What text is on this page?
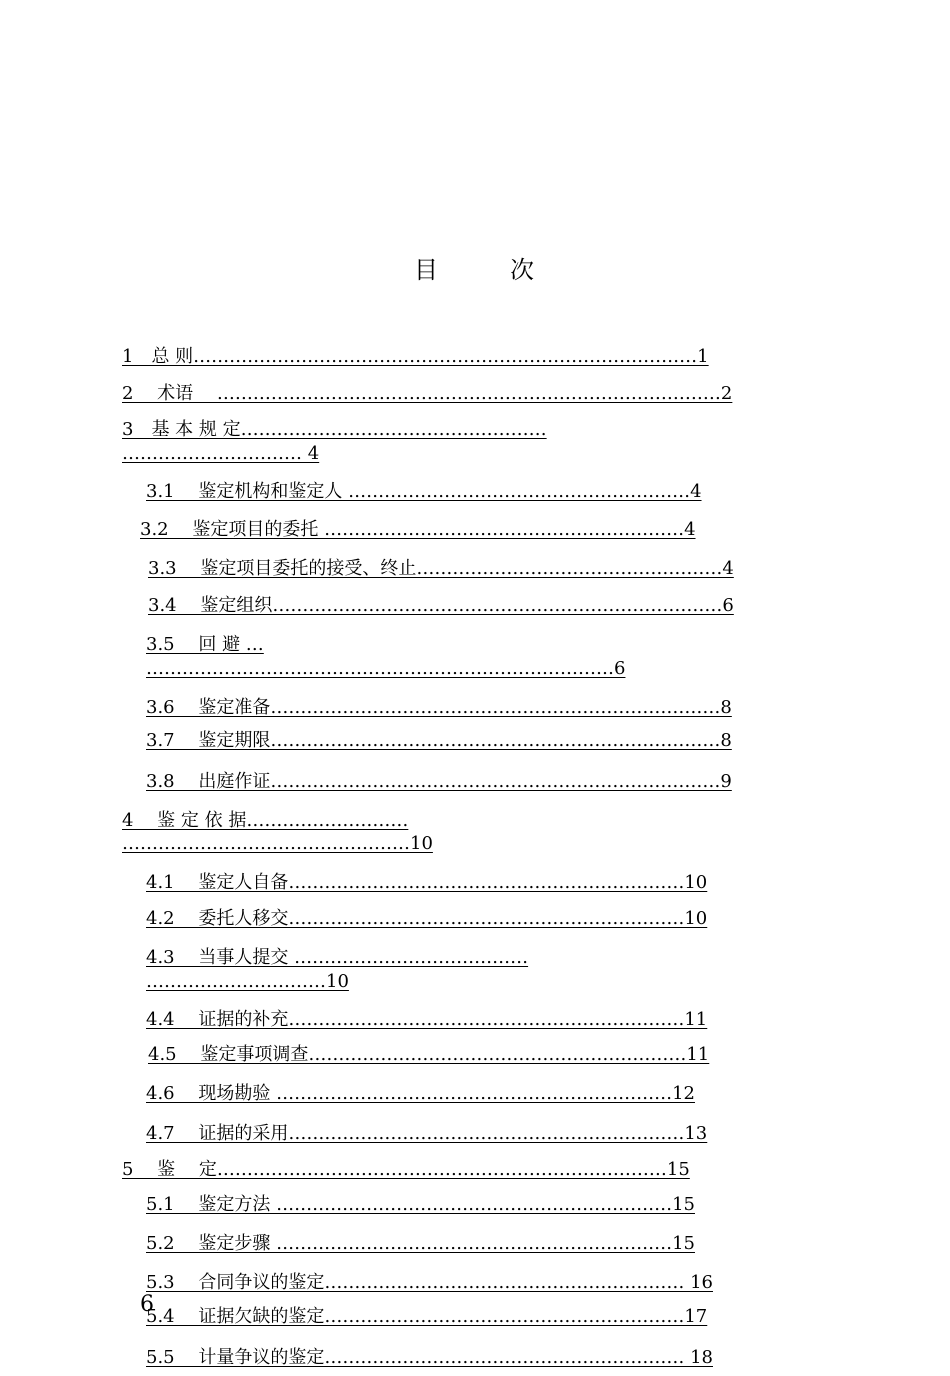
目	次
1　总 则…………………………………………………………………………1
2　 术语　 …………………………………………………………………………2
3　基 本 规 定……………………………………………
………………………… 4
3.1　 鉴定机构和鉴定人 …………………………………………………4
3.2　 鉴定项目的委托 ……………………………………………………4
3.3　 鉴定项目委托的接受、终止……………………………………………4
3.4　 鉴定组织…………………………………………………………………6
3.5　 回 避 …
……………………………………………………………………6
3.6　 鉴定准备…………………………………………………………………8
3.7　 鉴定期限…………………………………………………………………8
3.8　 出庭作证…………………………………………………………………9
4　 鉴 定 依 据………………………
…………………………………………10
4.1　 鉴定人自备…………………………………………………………10
4.2　 委托人移交…………………………………………………………10
4.3　 当事人提交 …………………………………
…………………………10
4.4　 证据的补充…………………………………………………………11
4.5　 鉴定事项调查………………………………………………………11
4.6　 现场勘验 …………………………………………………………12
4.7　 证据的采用…………………………………………………………13
5　 鉴　 定…………………………………………………………………15
5.1　 鉴定方法 …………………………………………………………15
5.2　 鉴定步骤 …………………………………………………………15
5.3　 合同争议的鉴定…………………………………………………… 16
5.4　 证据欠缺的鉴定……………………………………………………17
5.5　 计量争议的鉴定…………………………………………………… 18
6
